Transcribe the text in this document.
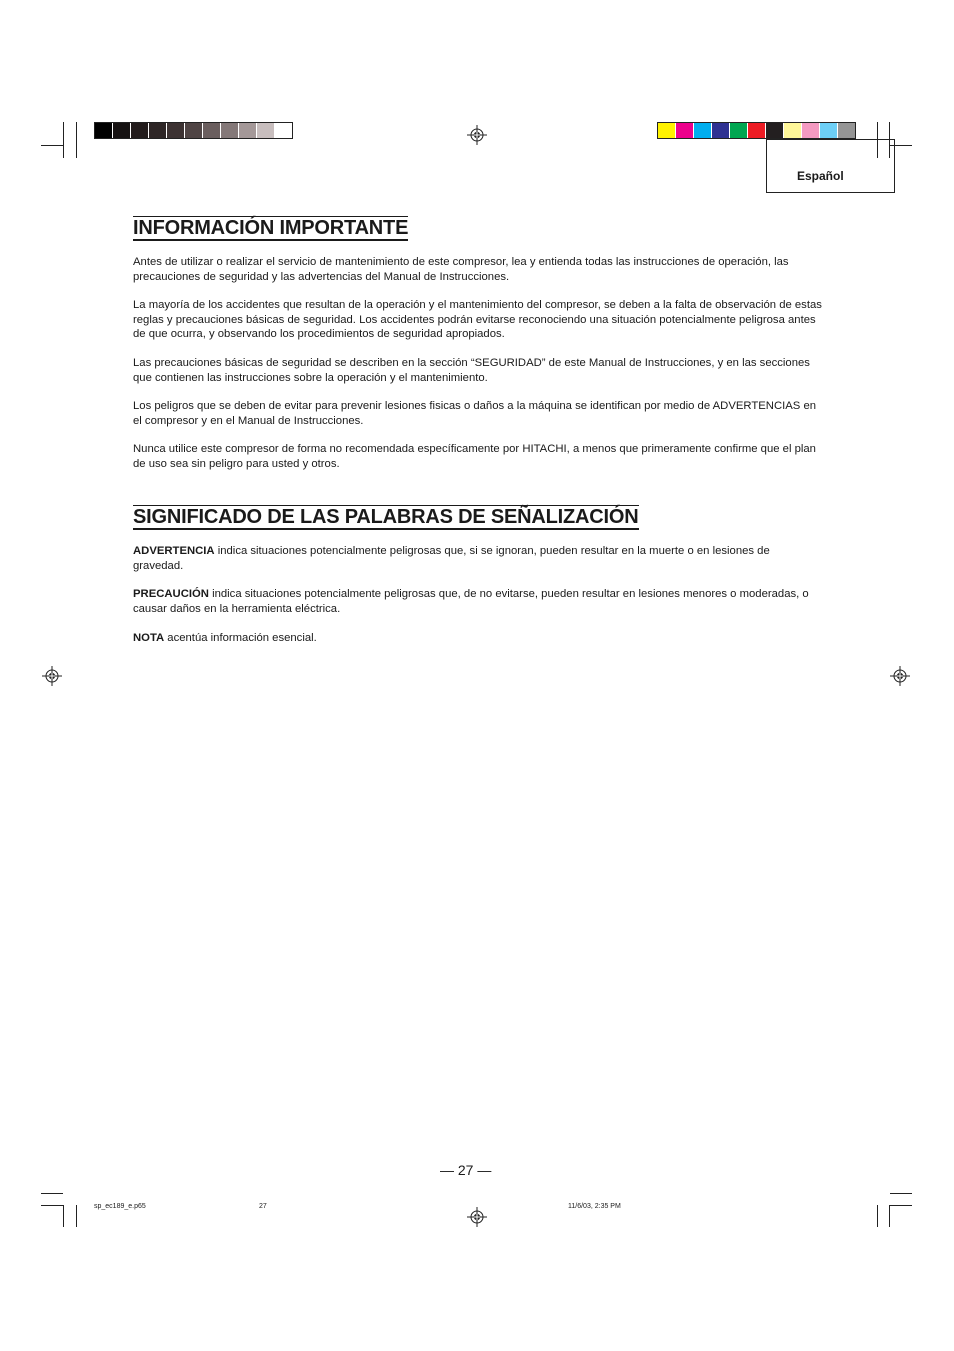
Español
INFORMACIÓN IMPORTANTE

Antes de utilizar o realizar el servicio de mantenimiento de este compresor, lea y entienda todas las instrucciones de operación, las precauciones de seguridad y las advertencias del Manual de Instrucciones.

La mayoría de los accidentes que resultan de la operación y el mantenimiento del compresor, se deben a la falta de observación de estas reglas y precauciones básicas de seguridad. Los accidentes podrán evitarse reconociendo una situación potencialmente peligrosa antes de que ocurra, y observando los procedimientos de seguridad apropiados.

Las precauciones básicas de seguridad se describen en la sección “SEGURIDAD” de este Manual de Instrucciones, y en las secciones que contienen las instrucciones sobre la operación y el mantenimiento.

Los peligros que se deben de evitar para prevenir lesiones fisicas o daños a la máquina se identifican por medio de ADVERTENCIAS en el compresor y en el Manual de Instrucciones.

Nunca utilice este compresor de forma no recomendada específicamente por HITACHI, a menos que primeramente confirme que el plan de uso sea sin peligro para usted y otros.

SIGNIFICADO DE LAS PALABRAS DE SEÑALIZACIÓN

ADVERTENCIA indica situaciones potencialmente peligrosas que, si se ignoran, pueden resultar en la muerte o en lesiones de gravedad.

PRECAUCIÓN indica situaciones potencialmente peligrosas que, de no evitarse, pueden resultar en lesiones menores o moderadas, o causar daños en la herramienta eléctrica.

NOTA acentúa información esencial.

— 27 —
sp_ec189_e.p65	27	11/6/03, 2:35 PM
